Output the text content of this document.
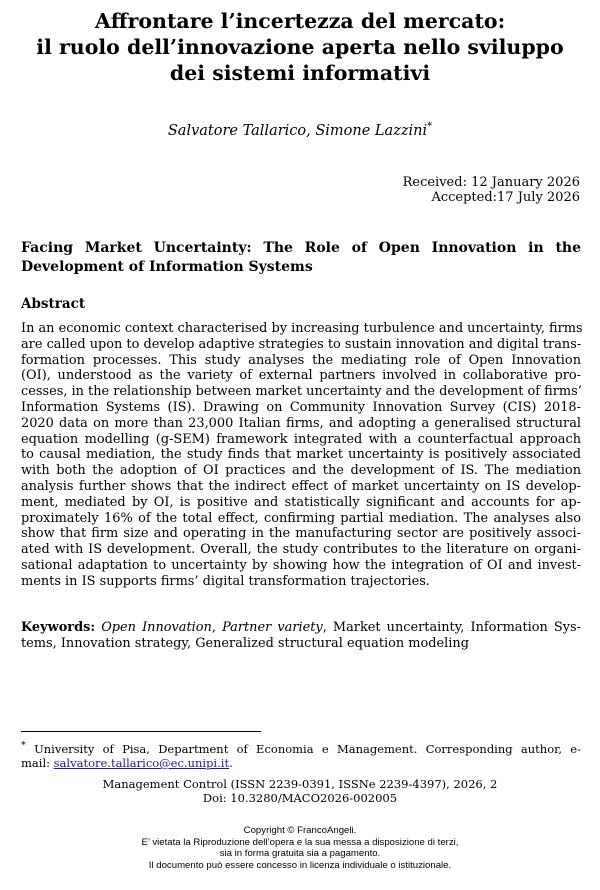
Affrontare l’incertezza del mercato:
il ruolo dell’innovazione aperta nello sviluppo
dei sistemi informativi
Salvatore Tallarico, Simone Lazzini*
Received: 12 January 2026
Accepted:17 July 2026
Facing Market Uncertainty: The Role of Open Innovation in the Development of Information Systems
Abstract
In an economic context characterised by increasing turbulence and uncertainty, firms
are called upon to develop adaptive strategies to sustain innovation and digital trans-
formation processes. This study analyses the mediating role of Open Innovation
(OI), understood as the variety of external partners involved in collaborative pro-
cesses, in the relationship between market uncertainty and the development of firms’
Information Systems (IS). Drawing on Community Innovation Survey (CIS) 2018-
2020 data on more than 23,000 Italian firms, and adopting a generalised structural
equation modelling (g-SEM) framework integrated with a counterfactual approach
to causal mediation, the study finds that market uncertainty is positively associated
with both the adoption of OI practices and the development of IS. The mediation
analysis further shows that the indirect effect of market uncertainty on IS develop-
ment, mediated by OI, is positive and statistically significant and accounts for ap-
proximately 16% of the total effect, confirming partial mediation. The analyses also
show that firm size and operating in the manufacturing sector are positively associ-
ated with IS development. Overall, the study contributes to the literature on organi-
sational adaptation to uncertainty by showing how the integration of OI and invest-
ments in IS supports firms’ digital transformation trajectories.
Keywords: Open Innovation, Partner variety, Market uncertainty, Information Sys-
tems, Innovation strategy, Generalized structural equation modeling
* University of Pisa, Department of Economia e Management. Corresponding author, e-
mail: salvatore.tallarico@ec.unipi.it.
Management Control (ISSN 2239-0391, ISSNe 2239-4397), 2026, 2
Doi: 10.3280/MACO2026-002005
Copyright © FrancoAngeli.
E’ vietata la Riproduzione dell’opera e la sua messa a disposizione di terzi,
sia in forma gratuita sia a pagamento.
Il documento può essere concesso in licenza individuale o istituzionale.
